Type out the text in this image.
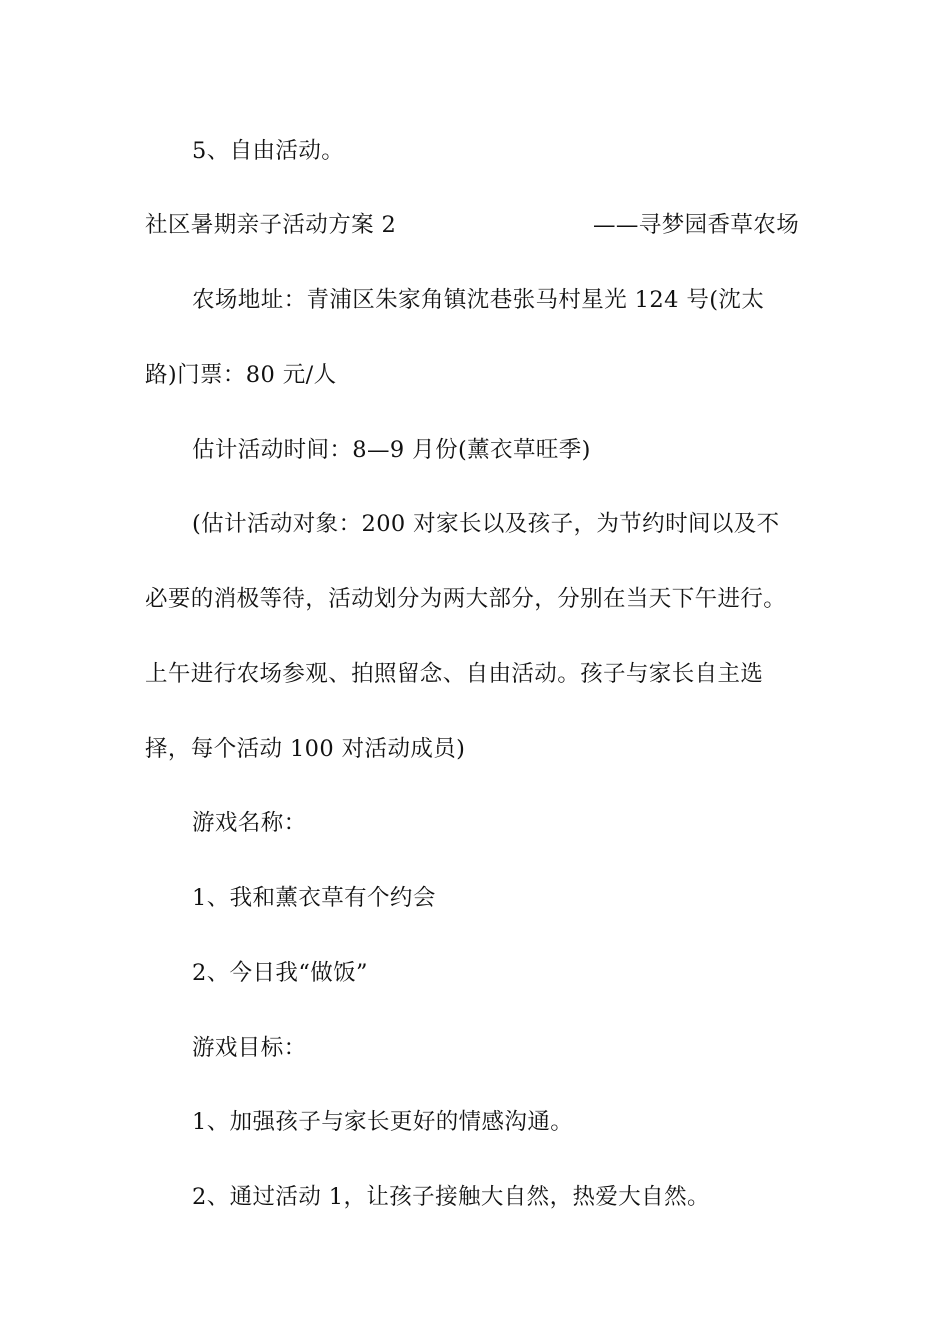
5、自由活动。
社区暑期亲子活动方案 2	——寻梦园香草农场
农场地址：青浦区朱家角镇沈巷张马村星光 124 号(沈太
路)门票：80 元/人
估计活动时间：8—9 月份(薰衣草旺季)
(估计活动对象：200 对家长以及孩子，为节约时间以及不
必要的消极等待，活动划分为两大部分，分别在当天下午进行。
上午进行农场参观、拍照留念、自由活动。孩子与家长自主选
择，每个活动 100 对活动成员)
游戏名称：
1、我和薰衣草有个约会
2、今日我“做饭”
游戏目标：
1、加强孩子与家长更好的情感沟通。
2、通过活动 1，让孩子接触大自然，热爱大自然。
